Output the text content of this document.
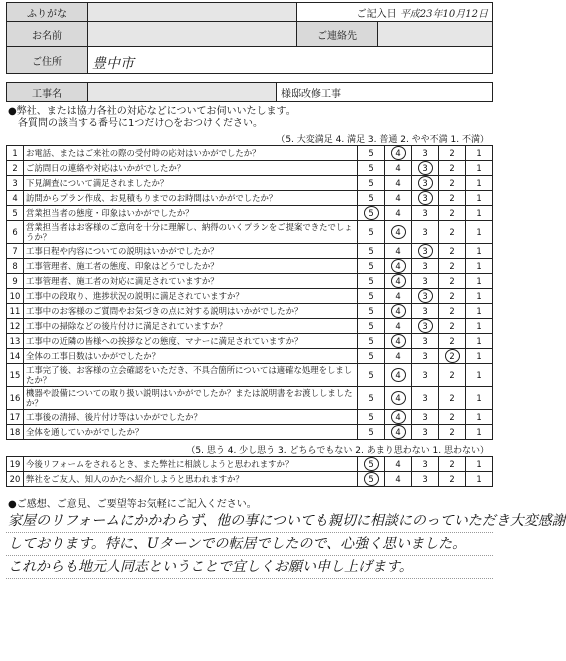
ふりがな		ご記入日 平成23年10月12日	
お名前		ご連絡先	
ご住所	豊中市		
工事名		様邸改修工事
●弊社、または協力各社の対応などについてお伺いいたします。
各質問の該当する番号に1つだけ○をおつけください。
（5. 大変満足 4. 満足 3. 普通 2. やや不満 1. 不満）
1	お電話、またはご来社の際の受付時の応対はいかがでしたか？	5	4	3	2	1
2	ご訪問日の連絡や対応はいかがでしたか？	5	4	3	2	1
3	下見調査について満足されましたか？	5	4	3	2	1
4	訪問からプラン作成、お見積もりまでのお時間はいかがでしたか？	5	4	3	2	1
5	営業担当者の態度・印象はいかがでしたか？	5	4	3	2	1
6	営業担当者はお客様のご意向を十分に理解し、納得のいくプランをご提案できたでしょうか？	5	4	3	2	1
7	工事日程や内容についての説明はいかがでしたか？	5	4	3	2	1
8	工事管理者、施工者の態度、印象はどうでしたか？	5	4	3	2	1
9	工事管理者、施工者の対応に満足されていますか？	5	4	3	2	1
10	工事中の段取り、進捗状況の説明に満足されていますか？	5	4	3	2	1
11	工事中のお客様のご質問やお気づきの点に対する説明はいかがでしたか？	5	4	3	2	1
12	工事中の掃除などの後片付けに満足されていますか？	5	4	3	2	1
13	工事中の近隣の皆様への挨拶などの態度、マナーに満足されていますか？	5	4	3	2	1
14	全体の工事日数はいかがでしたか？	5	4	3	2	1
15	工事完了後、お客様の立会確認をいただき、不具合箇所については適確な処理をしましたか？	5	4	3	2	1
16	機器や設備についての取り扱い説明はいかがでしたか？または説明書をお渡ししましたか？	5	4	3	2	1
17	工事後の清掃、後片付け等はいかがでしたか？	5	4	3	2	1
18	全体を通していかがでしたか？	5	4	3	2	1
（5. 思う 4. 少し思う 3. どちらでもない 2. あまり思わない 1. 思わない）
19	今後リフォームをされるとき、また弊社に相談しようと思われますか？	5	4	3	2	1
20	弊社をご友人、知人のかたへ紹介しようと思われますか？	5	4	3	2	1
●ご感想、ご意見、ご要望等お気軽にご記入ください。
家屋のリフォームにかかわらず、他の事についても親切に相談にのっていただき大変感謝
しております。特に、Uターンでの転居でしたので、心強く思いました。
これからも地元人同志ということで宜しくお願い申し上げます。
